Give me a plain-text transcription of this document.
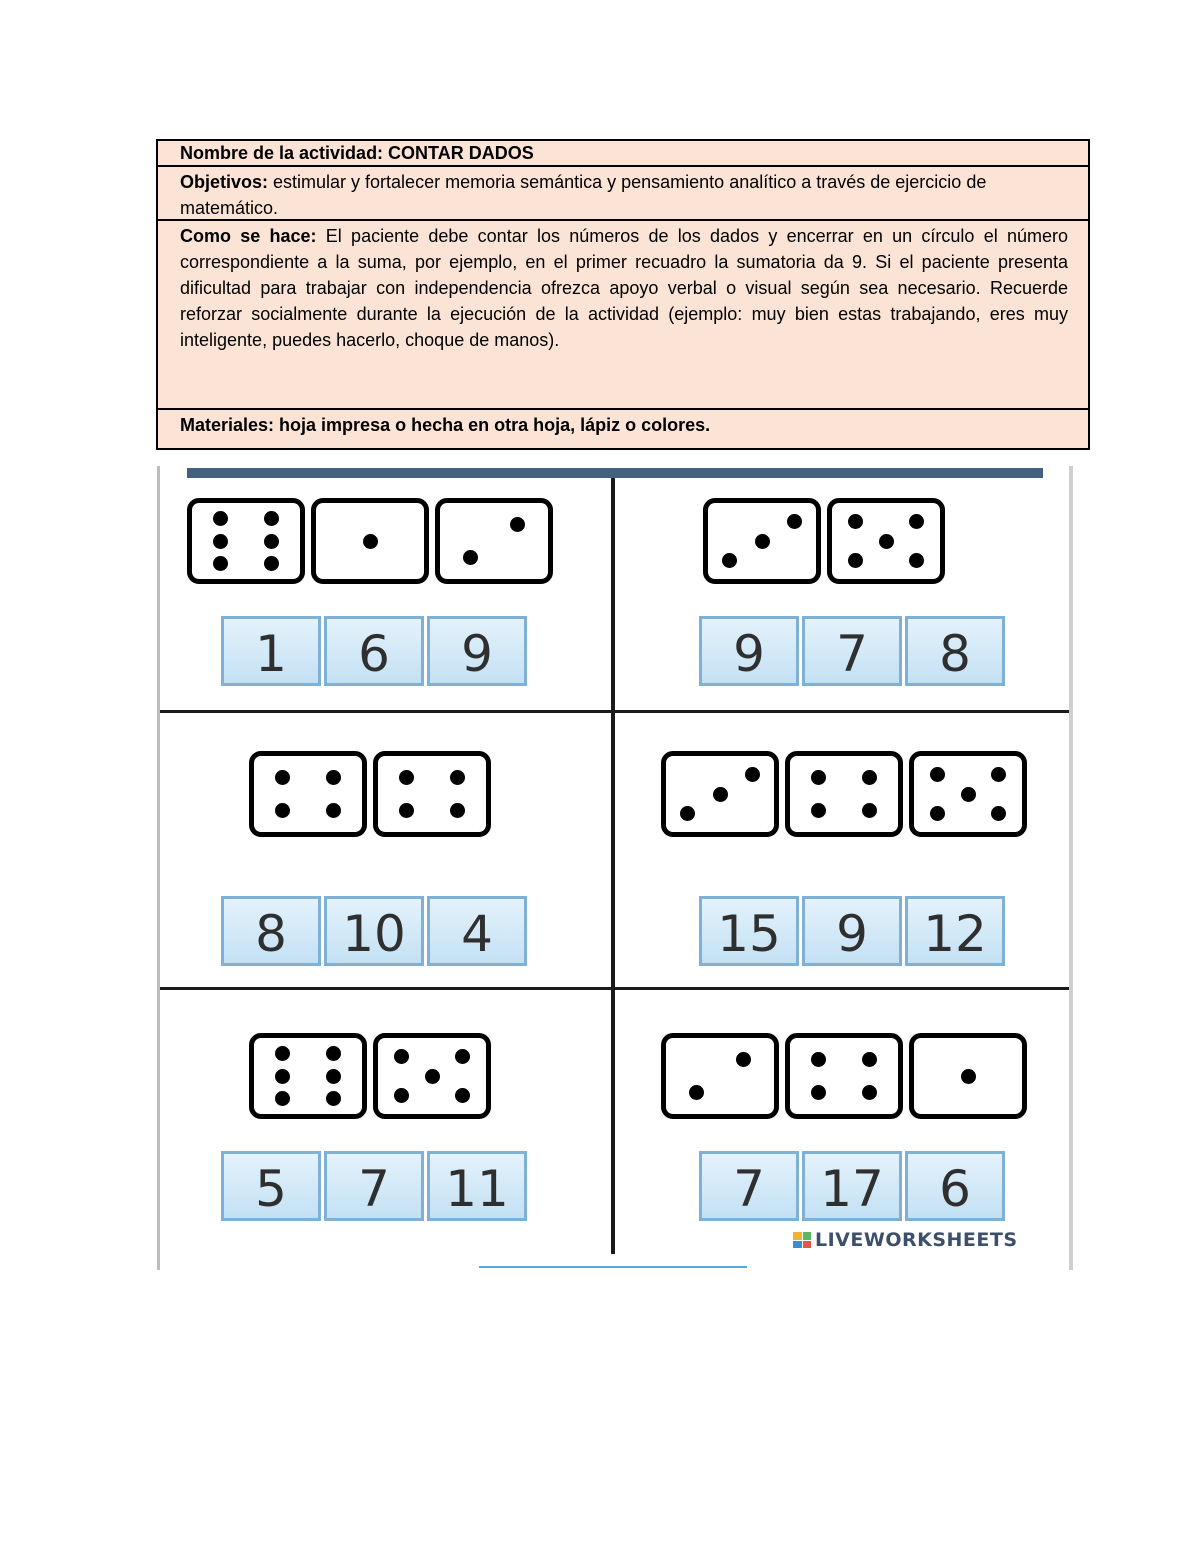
Nombre de la actividad: CONTAR DADOS
Objetivos: estimular y fortalecer memoria semántica y pensamiento analítico a través de ejercicio de matemático.
Como se hace: El paciente debe contar los números de los dados y encerrar en un círculo el número correspondiente a la suma, por ejemplo, en el primer recuadro la sumatoria da 9. Si el paciente presenta dificultad para trabajar con independencia ofrezca apoyo verbal o visual según sea necesario. Recuerde reforzar socialmente durante la ejecución de la actividad (ejemplo: muy bien estas trabajando, eres muy inteligente, puedes hacerlo, choque de manos).
Materiales: hoja impresa o hecha en otra hoja, lápiz o colores.
1	6	9	9	7	8
8	10	4	15	9	12
5	7	11	7	17	6
LIVEWORKSHEETS
